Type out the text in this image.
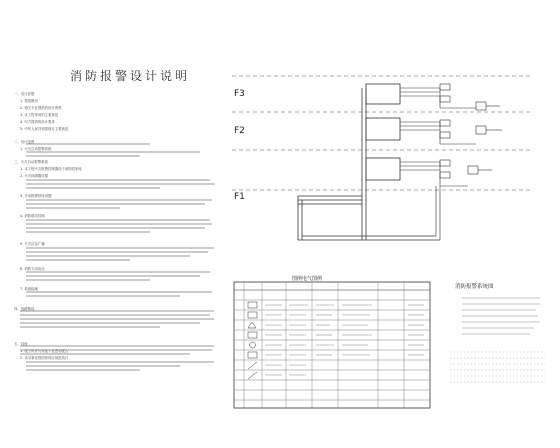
消防报警设计说明
一、设计依据
1. 建筑概况
2. 相关专业提供的设计资料
3. 本工程采用的主要规范
4. 甲方提供的设计要求
5. 中华人民共和国现行主要规范
二、设计范围
1. 火灾自动报警系统
三、火灾自动报警系统
1. 本工程火灾报警控制器设于消防控制室
2. 火灾探测器设置
3. 手动报警按钮设置
4. 消防联动控制
5. 火灾应急广播
6. 消防专用电话
7. 系统接地
四、线路敷设
五、其他
1. 施工时应与其他专业密切配合
2. 未尽事宜按国家现行规范执行
F3
F2
F1
图例电气图例
消防报警系统图
